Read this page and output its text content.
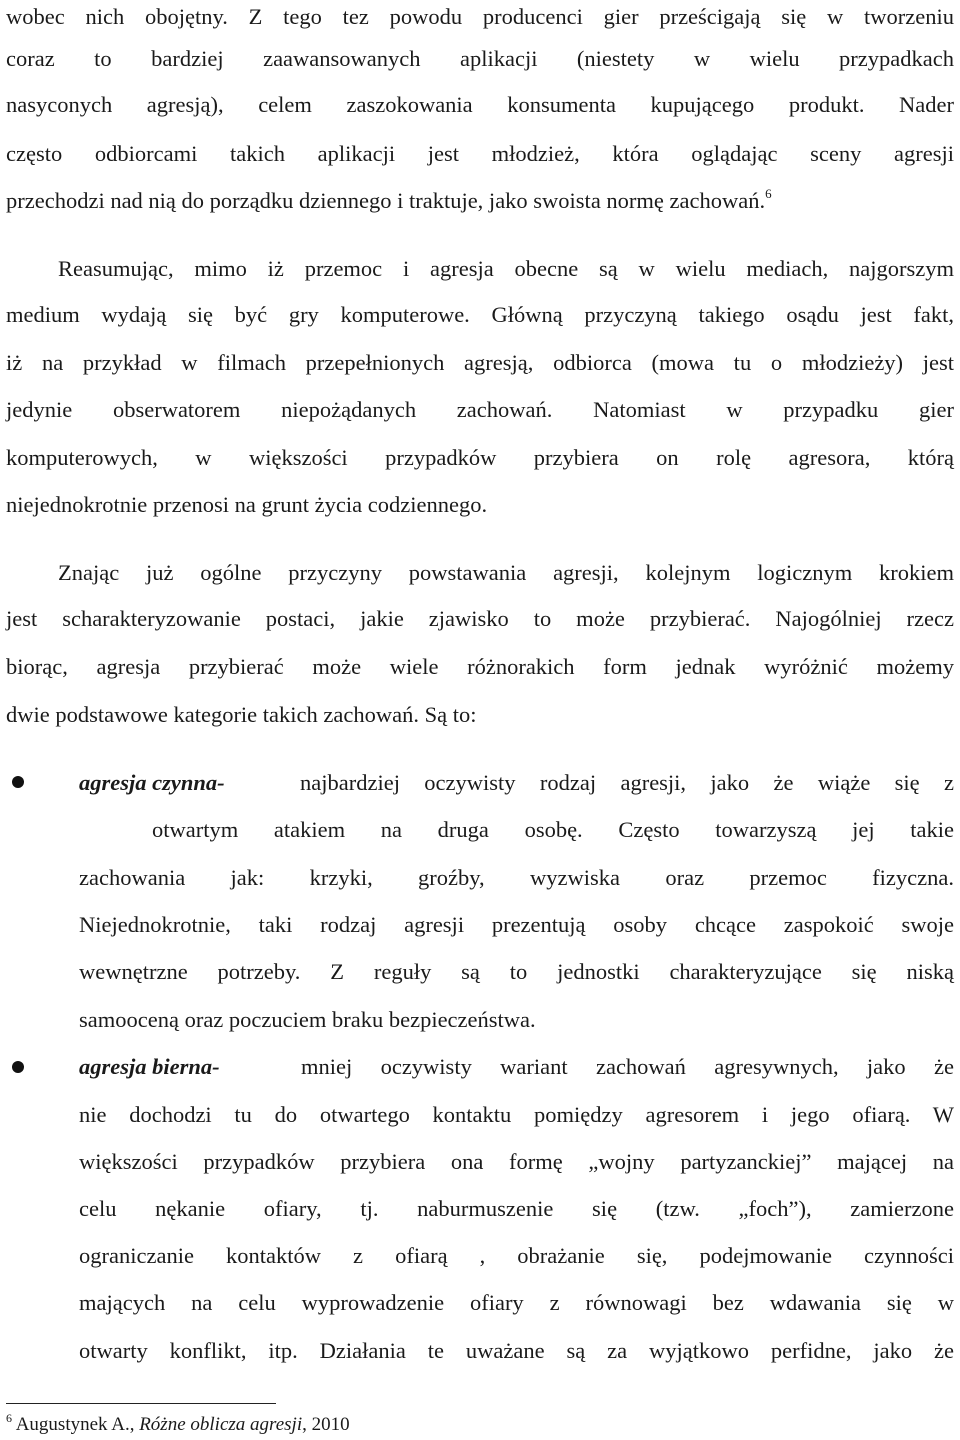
wobec nich obojętny. Z tego tez powodu producenci gier prześcigają się w tworzeniu
coraz to bardziej zaawansowanych aplikacji (niestety w wielu przypadkach
nasyconych agresją), celem zaszokowania konsumenta kupującego produkt. Nader
często odbiorcami takich aplikacji jest młodzież, która oglądając sceny agresji
przechodzi nad nią do porządku dziennego i traktuje, jako swoista normę zachowań.$^6$
Reasumując, mimo iż przemoc i agresja obecne są w wielu mediach, najgorszym
medium wydają się być gry komputerowe. Główną przyczyną takiego osądu jest fakt,
iż na przykład w filmach przepełnionych agresją, odbiorca (mowa tu o młodzieży) jest
jedynie obserwatorem niepożądanych zachowań. Natomiast w przypadku gier
komputerowych, w większości przypadków przybiera on rolę agresora, którą
niejednokrotnie przenosi na grunt życia codziennego.
Znając już ogólne przyczyny powstawania agresji, kolejnym logicznym krokiem
jest scharakteryzowanie postaci, jakie zjawisko to może przybierać. Najogólniej rzecz
biorąc, agresja przybierać może wiele różnorakich form jednak wyróżnić możemy
dwie podstawowe kategorie takich zachowań. Są to:
agresja czynna-	najbardziej oczywisty rodzaj agresji, jako że wiąże się z
otwartym atakiem na druga osobę. Często towarzyszą jej takie
zachowania jak: krzyki, groźby, wyzwiska oraz przemoc fizyczna.
Niejednokrotnie, taki rodzaj agresji prezentują osoby chcące zaspokoić swoje
wewnętrzne potrzeby. Z reguły są to jednostki charakteryzujące się niską
samooceną oraz poczuciem braku bezpieczeństwa.
agresja bierna-	mniej oczywisty wariant zachowań agresywnych, jako że
nie dochodzi tu do otwartego kontaktu pomiędzy agresorem i jego ofiarą. W
większości przypadków przybiera ona formę „wojny partyzanckiej” mającej na
celu nękanie ofiary, tj. naburmuszenie się (tzw. „foch”), zamierzone
ograniczanie kontaktów z ofiarą , obrażanie się, podejmowanie czynności
mających na celu wyprowadzenie ofiary z równowagi bez wdawania się w
otwarty konflikt, itp. Działania te uważane są za wyjątkowo perfidne, jako że
$^6$ Augustynek A., Różne oblicza agresji, 2010
